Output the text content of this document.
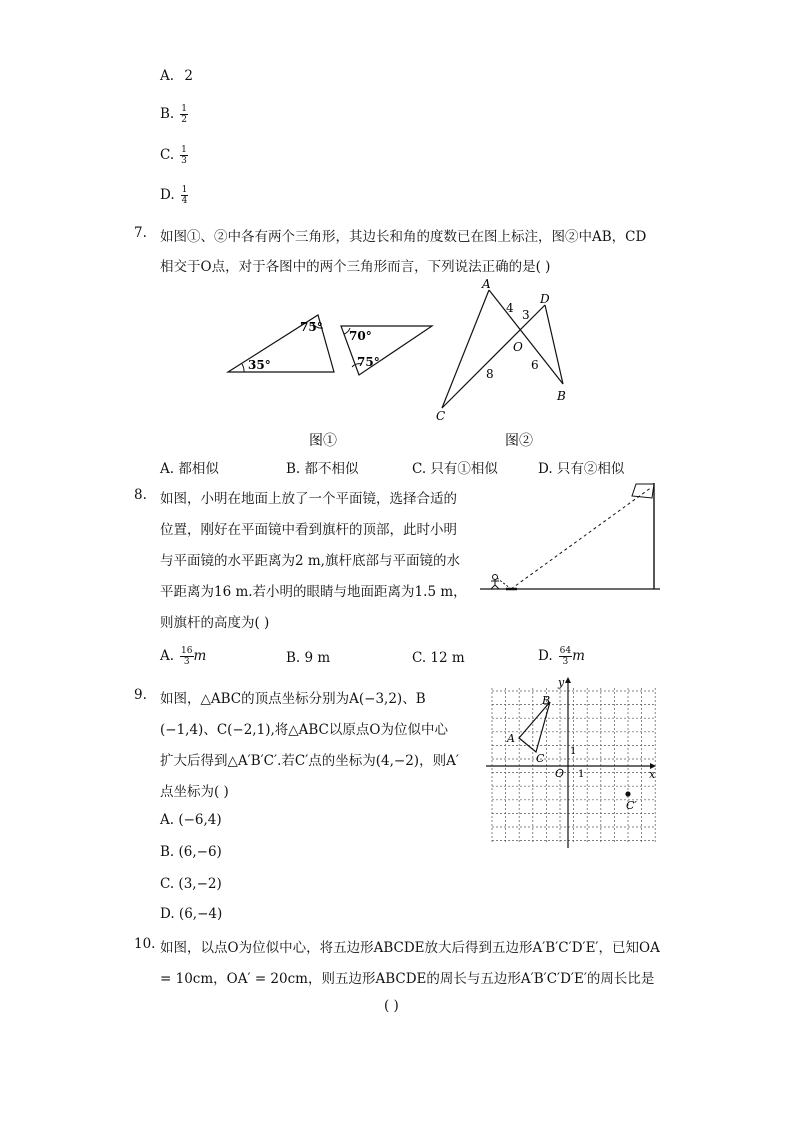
A. 2
B. $\frac{1}{2}$
C. $\frac{1}{3}$
D. $\frac{1}{4}$
7. 如图①、②中各有两个三角形，其边长和角的度数已在图上标注，图②中AB，CD
相交于O点，对于各图中的两个三角形而言，下列说法正确的是( )
35°
75°
70°
75°
图①
A
D
O
B
C
4 3
6
8
图②
A. 都相似	B. 都不相似	C. 只有①相似	D. 只有②相似
8. 如图，小明在地面上放了一个平面镜，选择合适的
位置，刚好在平面镜中看到旗杆的顶部，此时小明
与平面镜的水平距离为2 m,旗杆底部与平面镜的水
平距离为16 m.若小明的眼睛与地面距离为1.5 m，
则旗杆的高度为( )
A. $\frac{16}{3}$ m	B. 9 m	C. 12 m	D. $\frac{64}{3}$ m
9. 如图，△ABC的顶点坐标分别为A(−3,2)、B
(−1,4)、C(−2,1),将△ABC以原点O为位似中心
扩大后得到△A′B′C′.若C′点的坐标为(4,−2)，则A′
点坐标为( )
A. (−6,4)
B. (6,−6)
C. (3,−2)
D. (6,−4)
y
x
O 1
1
A
B
C
C′
10. 如图，以点O为位似中心，将五边形ABCDE放大后得到五边形A′B′C′D′E′，已知OA
= 10cm，OA′ = 20cm，则五边形ABCDE的周长与五边形A′B′C′D′E′的周长比是
( )
